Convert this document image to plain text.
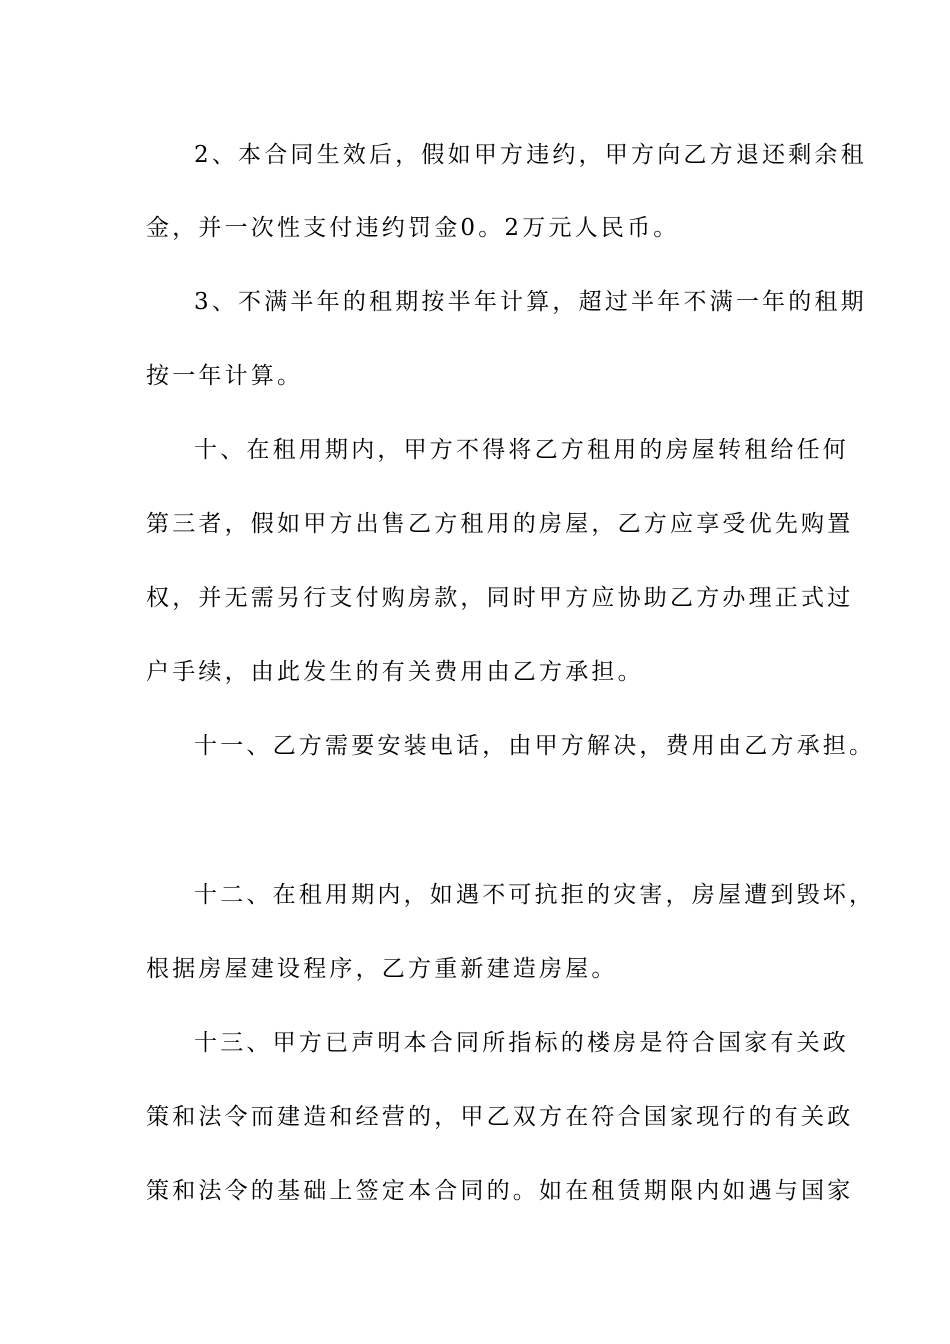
2、本合同生效后，假如甲方违约，甲方向乙方退还剩余租
金，并一次性支付违约罚金0。2万元人民币。
3、不满半年的租期按半年计算，超过半年不满一年的租期
按一年计算。
十、在租用期内，甲方不得将乙方租用的房屋转租给任何
第三者，假如甲方出售乙方租用的房屋，乙方应享受优先购置
权，并无需另行支付购房款，同时甲方应协助乙方办理正式过
户手续，由此发生的有关费用由乙方承担。
十一、乙方需要安装电话，由甲方解决，费用由乙方承担。
十二、在租用期内，如遇不可抗拒的灾害，房屋遭到毁坏，
根据房屋建设程序，乙方重新建造房屋。
十三、甲方已声明本合同所指标的楼房是符合国家有关政
策和法令而建造和经营的，甲乙双方在符合国家现行的有关政
策和法令的基础上签定本合同的。如在租赁期限内如遇与国家
